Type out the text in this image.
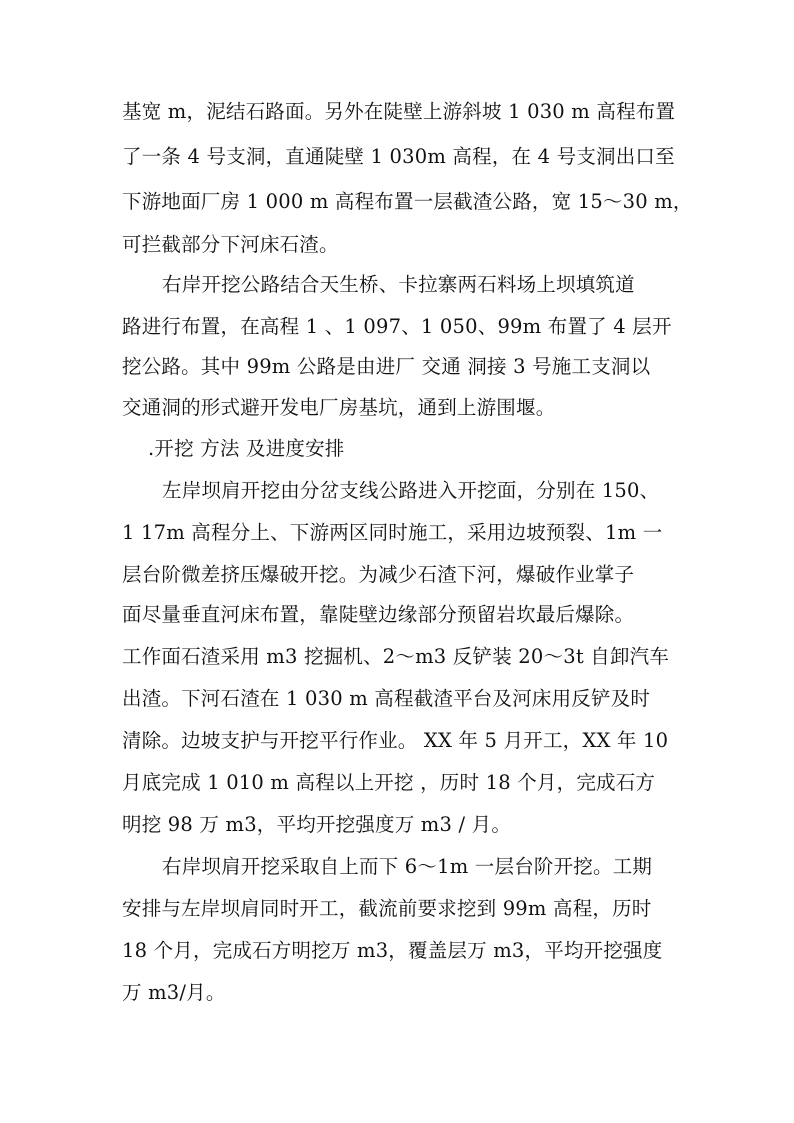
基宽 m，泥结石路面。另外在陡壁上游斜坡 1 030 m 高程布置
了一条 4 号支洞，直通陡壁 1 030m 高程，在 4 号支洞出口至
下游地面厂房 1 000 m 高程布置一层截渣公路，宽 15～30 m，
可拦截部分下河床石渣。
右岸开挖公路结合天生桥、卡拉寨两石料场上坝填筑道
路进行布置，在高程 1 、1 097、1 050、99m 布置了 4 层开
挖公路。其中 99m 公路是由进厂 交通 洞接 3 号施工支洞以
交通洞的形式避开发电厂房基坑，通到上游围堰。
.开挖 方法 及进度安排
左岸坝肩开挖由分岔支线公路进入开挖面，分别在 150、
1 17m 高程分上、下游两区同时施工，采用边坡预裂、1m 一
层台阶微差挤压爆破开挖。为减少石渣下河，爆破作业掌子
面尽量垂直河床布置，靠陡壁边缘部分预留岩坎最后爆除。
工作面石渣采用 m3 挖掘机、2～m3 反铲装 20～3t 自卸汽车
出渣。下河石渣在 1 030 m 高程截渣平台及河床用反铲及时
清除。边坡支护与开挖平行作业。 XX 年 5 月开工，XX 年 10
月底完成 1 010 m 高程以上开挖 ，历时 18 个月，完成石方
明挖 98 万 m3，平均开挖强度万 m3 / 月。
右岸坝肩开挖采取自上而下 6～1m 一层台阶开挖。工期
安排与左岸坝肩同时开工，截流前要求挖到 99m 高程，历时
18 个月，完成石方明挖万 m3，覆盖层万 m3，平均开挖强度
万 m3/月。
